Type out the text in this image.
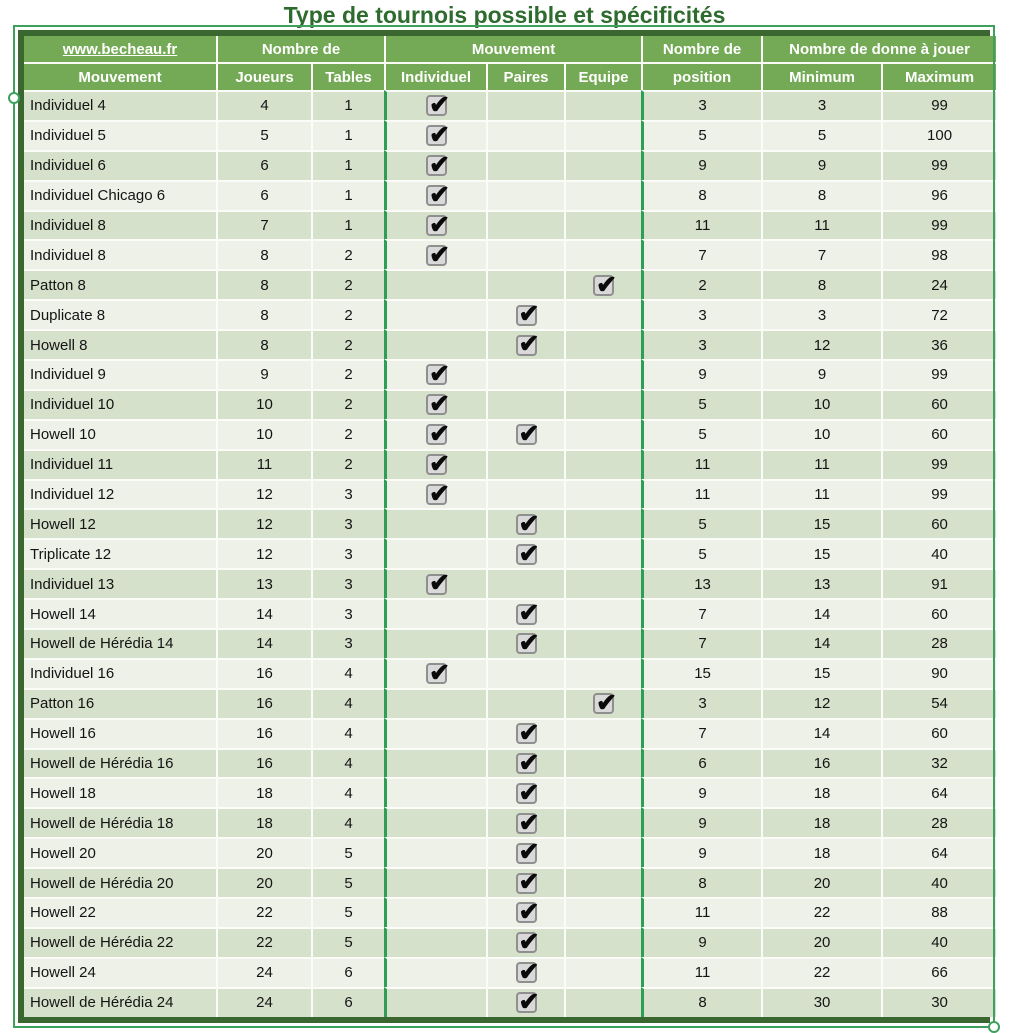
Type de tournois possible et spécificités
www.becheau.fr	Nombre de		Mouvement			Nombre de	Nombre de donne à jouer	
Mouvement	Joueurs	Tables	Individuel	Paires	Equipe	position	Minimum	Maximum
Individuel 4	4	1	✔			3	3	99
Individuel 5	5	1	✔			5	5	100
Individuel 6	6	1	✔			9	9	99
Individuel Chicago 6	6	1	✔			8	8	96
Individuel 8	7	1	✔			11	11	99
Individuel 8	8	2	✔			7	7	98
Patton 8	8	2			✔	2	8	24
Duplicate 8	8	2		✔		3	3	72
Howell 8	8	2		✔		3	12	36
Individuel 9	9	2	✔			9	9	99
Individuel 10	10	2	✔			5	10	60
Howell 10	10	2	✔	✔		5	10	60
Individuel 11	11	2	✔			11	11	99
Individuel 12	12	3	✔			11	11	99
Howell 12	12	3		✔		5	15	60
Triplicate 12	12	3		✔		5	15	40
Individuel 13	13	3	✔			13	13	91
Howell 14	14	3		✔		7	14	60
Howell de Hérédia 14	14	3		✔		7	14	28
Individuel 16	16	4	✔			15	15	90
Patton 16	16	4			✔	3	12	54
Howell 16	16	4		✔		7	14	60
Howell de Hérédia 16	16	4		✔		6	16	32
Howell 18	18	4		✔		9	18	64
Howell de Hérédia 18	18	4		✔		9	18	28
Howell 20	20	5		✔		9	18	64
Howell de Hérédia 20	20	5		✔		8	20	40
Howell 22	22	5		✔		11	22	88
Howell de Hérédia 22	22	5		✔		9	20	40
Howell 24	24	6		✔		11	22	66
Howell de Hérédia 24	24	6		✔		8	30	30
